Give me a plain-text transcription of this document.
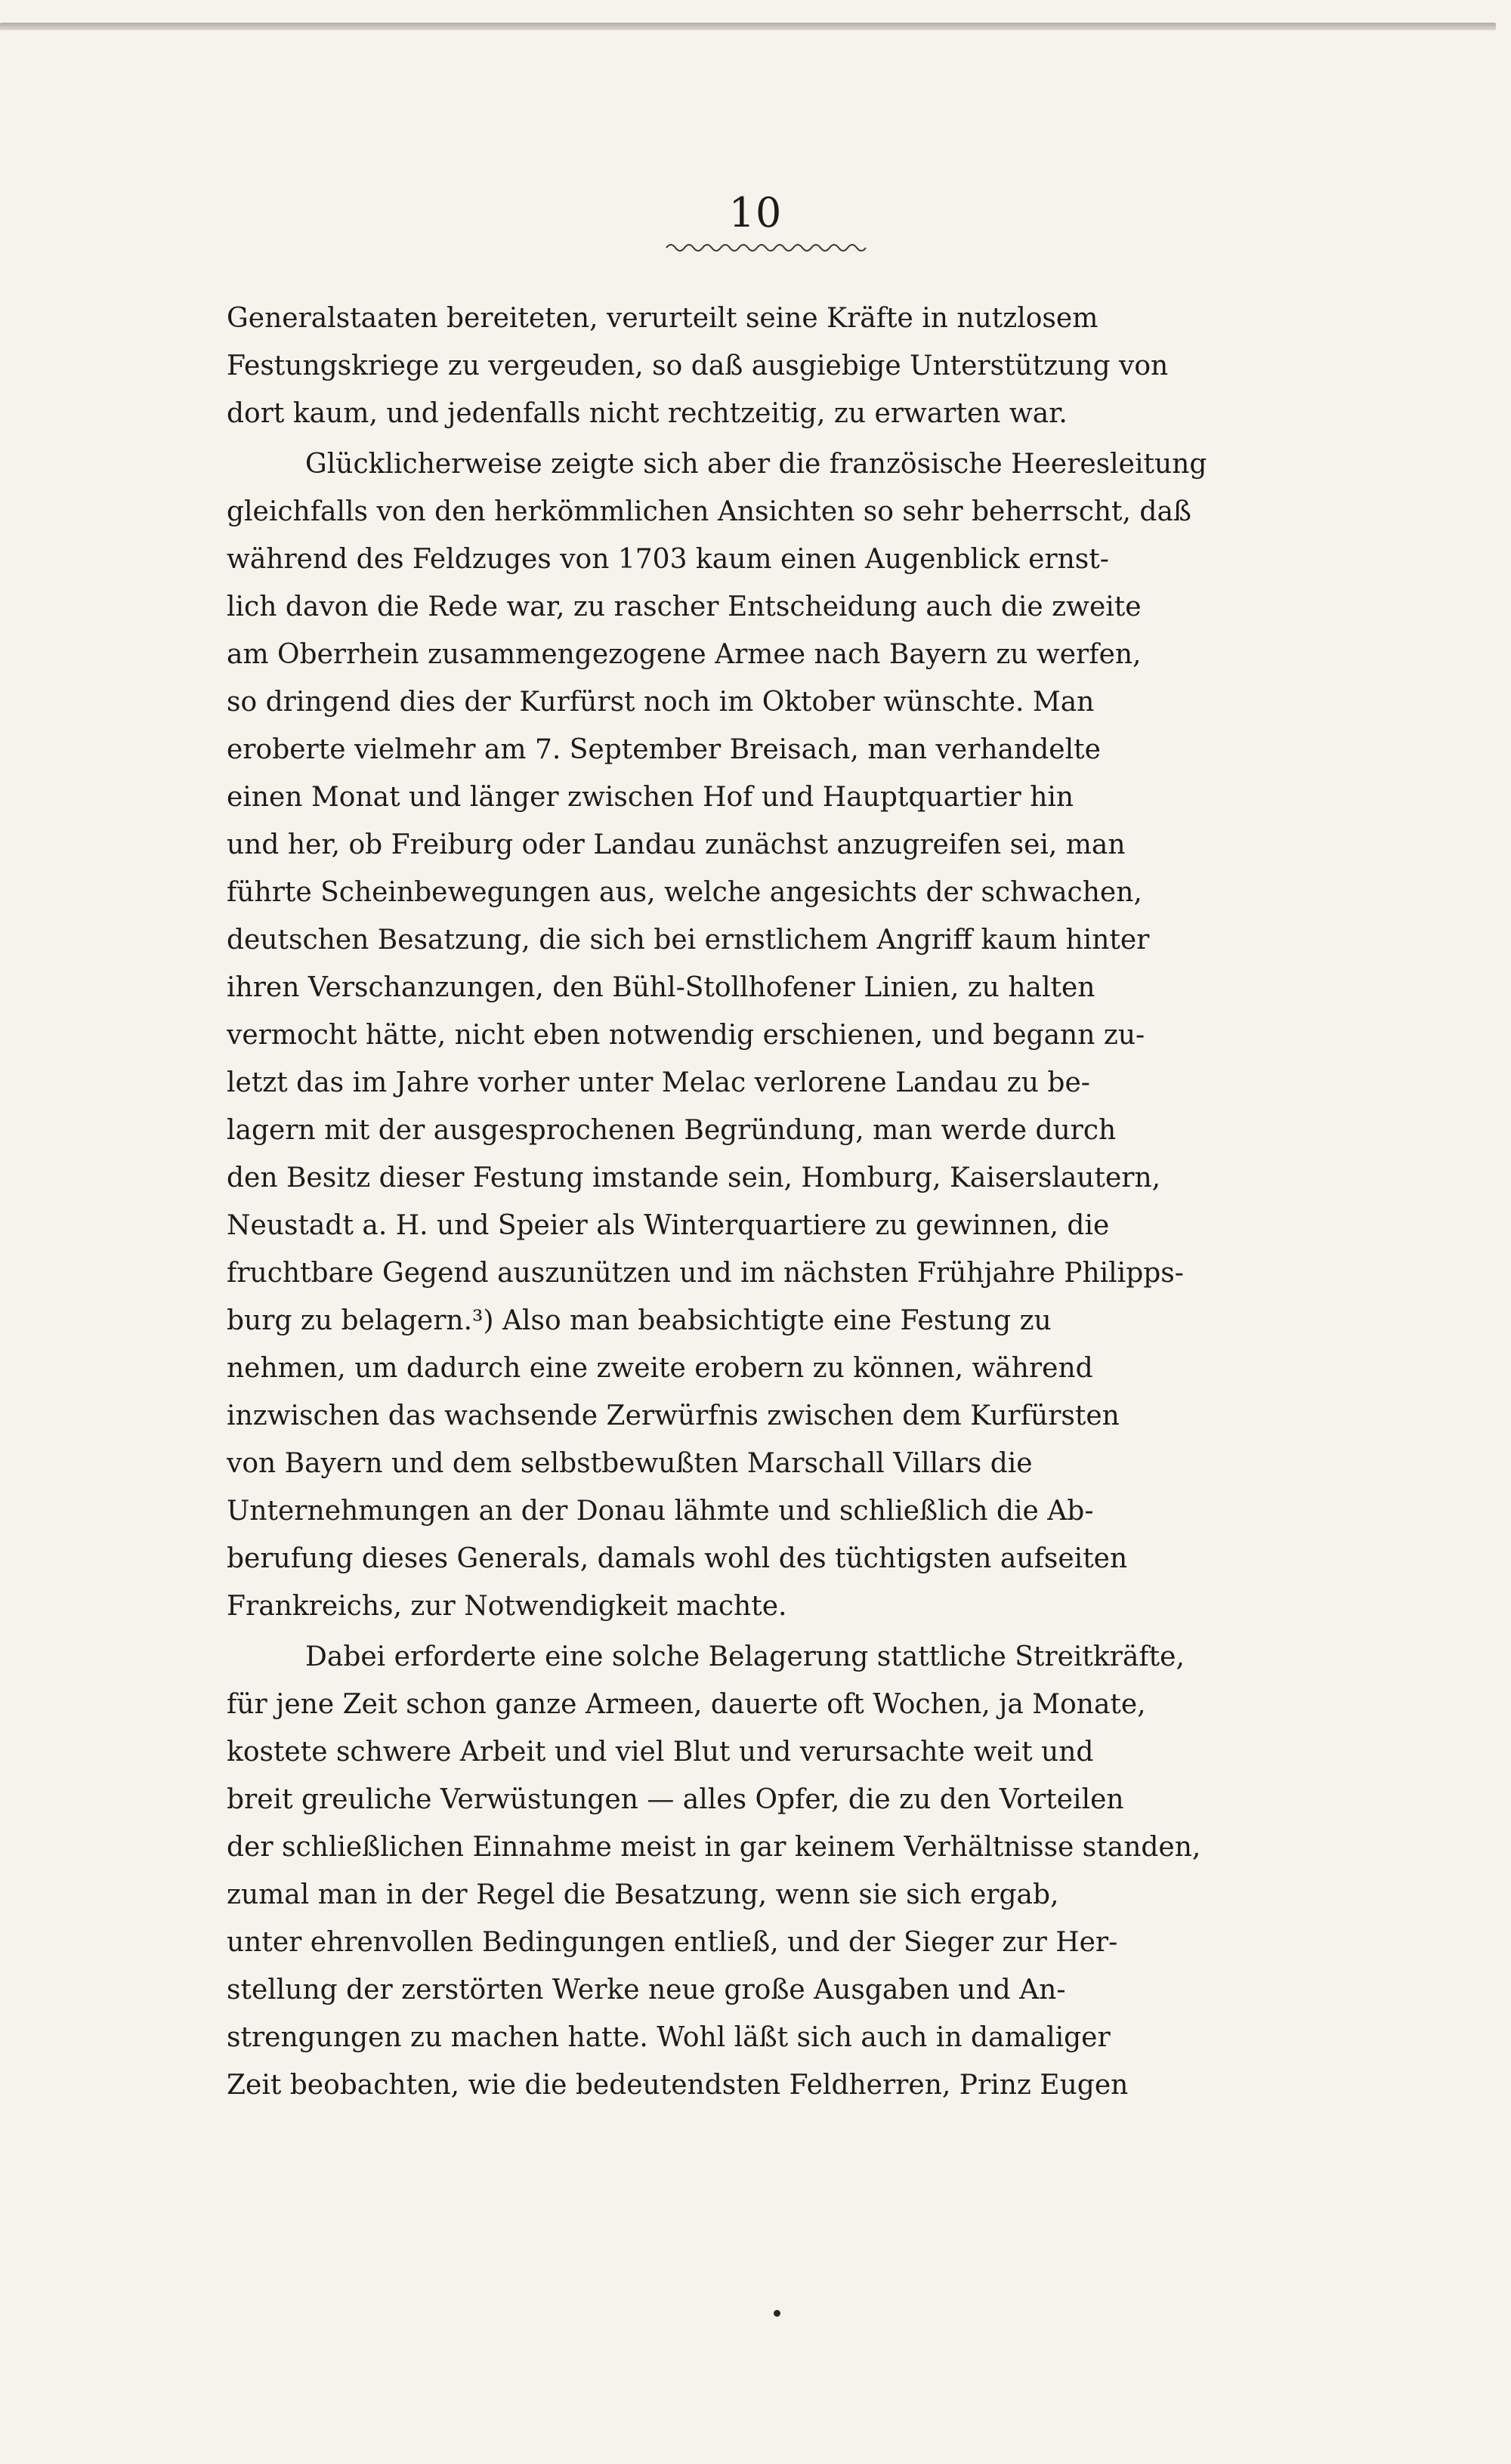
10
Generalstaaten bereiteten, verurteilt seine Kräfte in nutzlosem
Festungskriege zu vergeuden, so daß ausgiebige Unterstützung von
dort kaum, und jedenfalls nicht rechtzeitig, zu erwarten war.
Glücklicherweise zeigte sich aber die französische Heeresleitung
gleichfalls von den herkömmlichen Ansichten so sehr beherrscht, daß
während des Feldzuges von 1703 kaum einen Augenblick ernst-
lich davon die Rede war, zu rascher Entscheidung auch die zweite
am Oberrhein zusammengezogene Armee nach Bayern zu werfen,
so dringend dies der Kurfürst noch im Oktober wünschte. Man
eroberte vielmehr am 7. September Breisach, man verhandelte
einen Monat und länger zwischen Hof und Hauptquartier hin
und her, ob Freiburg oder Landau zunächst anzugreifen sei, man
führte Scheinbewegungen aus, welche angesichts der schwachen,
deutschen Besatzung, die sich bei ernstlichem Angriff kaum hinter
ihren Verschanzungen, den Bühl-Stollhofener Linien, zu halten
vermocht hätte, nicht eben notwendig erschienen, und begann zu-
letzt das im Jahre vorher unter Melac verlorene Landau zu be-
lagern mit der ausgesprochenen Begründung, man werde durch
den Besitz dieser Festung imstande sein, Homburg, Kaiserslautern,
Neustadt a. H. und Speier als Winterquartiere zu gewinnen, die
fruchtbare Gegend auszunützen und im nächsten Frühjahre Philipps-
burg zu belagern.³) Also man beabsichtigte eine Festung zu
nehmen, um dadurch eine zweite erobern zu können, während
inzwischen das wachsende Zerwürfnis zwischen dem Kurfürsten
von Bayern und dem selbstbewußten Marschall Villars die
Unternehmungen an der Donau lähmte und schließlich die Ab-
berufung dieses Generals, damals wohl des tüchtigsten aufseiten
Frankreichs, zur Notwendigkeit machte.
Dabei erforderte eine solche Belagerung stattliche Streitkräfte,
für jene Zeit schon ganze Armeen, dauerte oft Wochen, ja Monate,
kostete schwere Arbeit und viel Blut und verursachte weit und
breit greuliche Verwüstungen — alles Opfer, die zu den Vorteilen
der schließlichen Einnahme meist in gar keinem Verhältnisse standen,
zumal man in der Regel die Besatzung, wenn sie sich ergab,
unter ehrenvollen Bedingungen entließ, und der Sieger zur Her-
stellung der zerstörten Werke neue große Ausgaben und An-
strengungen zu machen hatte. Wohl läßt sich auch in damaliger
Zeit beobachten, wie die bedeutendsten Feldherren, Prinz Eugen
